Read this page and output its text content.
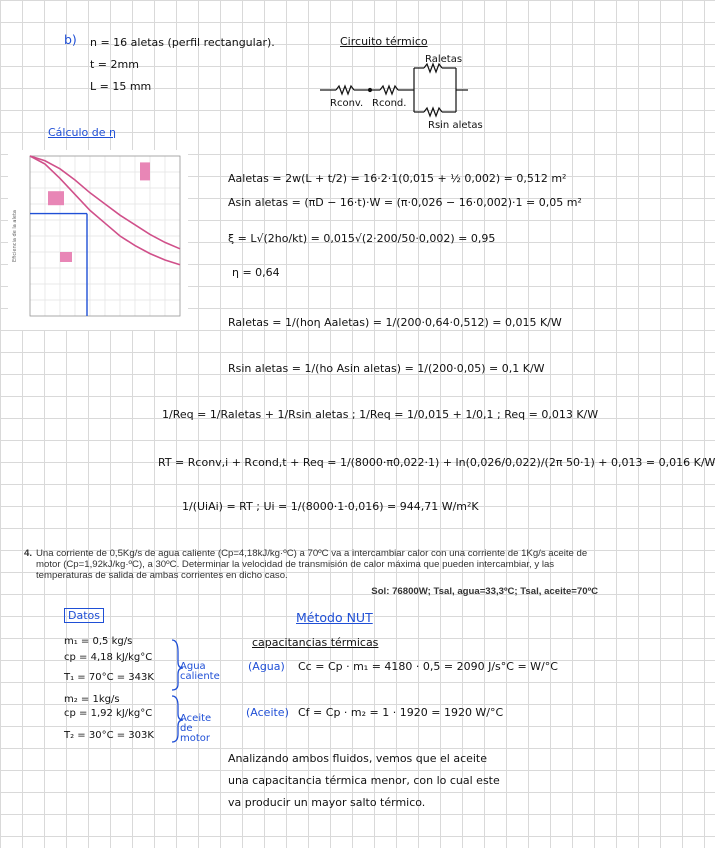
b) n = 16 aletas (perfil rectangular).
t = 2mm
L = 15 mm
Circuito térmico
Raletas
Rconv. Rcond.
Rsin aletas
Cálculo de η
Eficiencia de la aleta
Aaletas = 2w(L + t/2) = 16·2·1(0,015 + ½ 0,002) = 0,512 m²
Asin aletas = (πD − 16·t)·W = (π·0,026 − 16·0,002)·1 = 0,05 m²
ξ = L√(2ho/kt) = 0,015√(2·200/50·0,002) = 0,95
η = 0,64
Raletas = 1/(hoη Aaletas) = 1/(200·0,64·0,512) = 0,015 K/W
Rsin aletas = 1/(ho Asin aletas) = 1/(200·0,05) = 0,1 K/W
1/Req = 1/Raletas + 1/Rsin aletas ; 1/Req = 1/0,015 + 1/0,1 ; Req = 0,013 K/W
RT = Rconv,i + Rcond,t + Req = 1/(8000·π0,022·1) + ln(0,026/0,022)/(2π 50·1) + 0,013 = 0,016 K/W
1/(UiAi) = RT ; Ui = 1/(8000·1·0,016) = 944,71 W/m²K
4. Una corriente de 0,5Kg/s de agua caliente (Cp=4,18kJ/kg·ºC) a 70ºC va a intercambiar calor con una corriente de 1Kg/s aceite de motor (Cp=1,92kJ/kg·ºC), a 30ºC. Determinar la velocidad de transmisión de calor máxima que pueden intercambiar, y las temperaturas de salida de ambas corrientes en dicho caso.
Sol: 76800W; Tsal, agua=33,3ºC; Tsal, aceite=70ºC
Datos
m₁ = 0,5 kg/s
cp = 4,18 kJ/kg°C
T₁ = 70°C = 343K
m₂ = 1kg/s
cp = 1,92 kJ/kg°C
T₂ = 30°C = 303K
Agua caliente
Aceite de motor
Método NUT
capacitancias térmicas
(Agua) Cc = Cp · m₁ = 4180 · 0,5 = 2090 J/s°C = W/°C
(Aceite) Cf = Cp · m₂ = 1 · 1920 = 1920 W/°C
Analizando ambos fluidos, vemos que el aceite
una capacitancia térmica menor, con lo cual este
va producir un mayor salto térmico.
